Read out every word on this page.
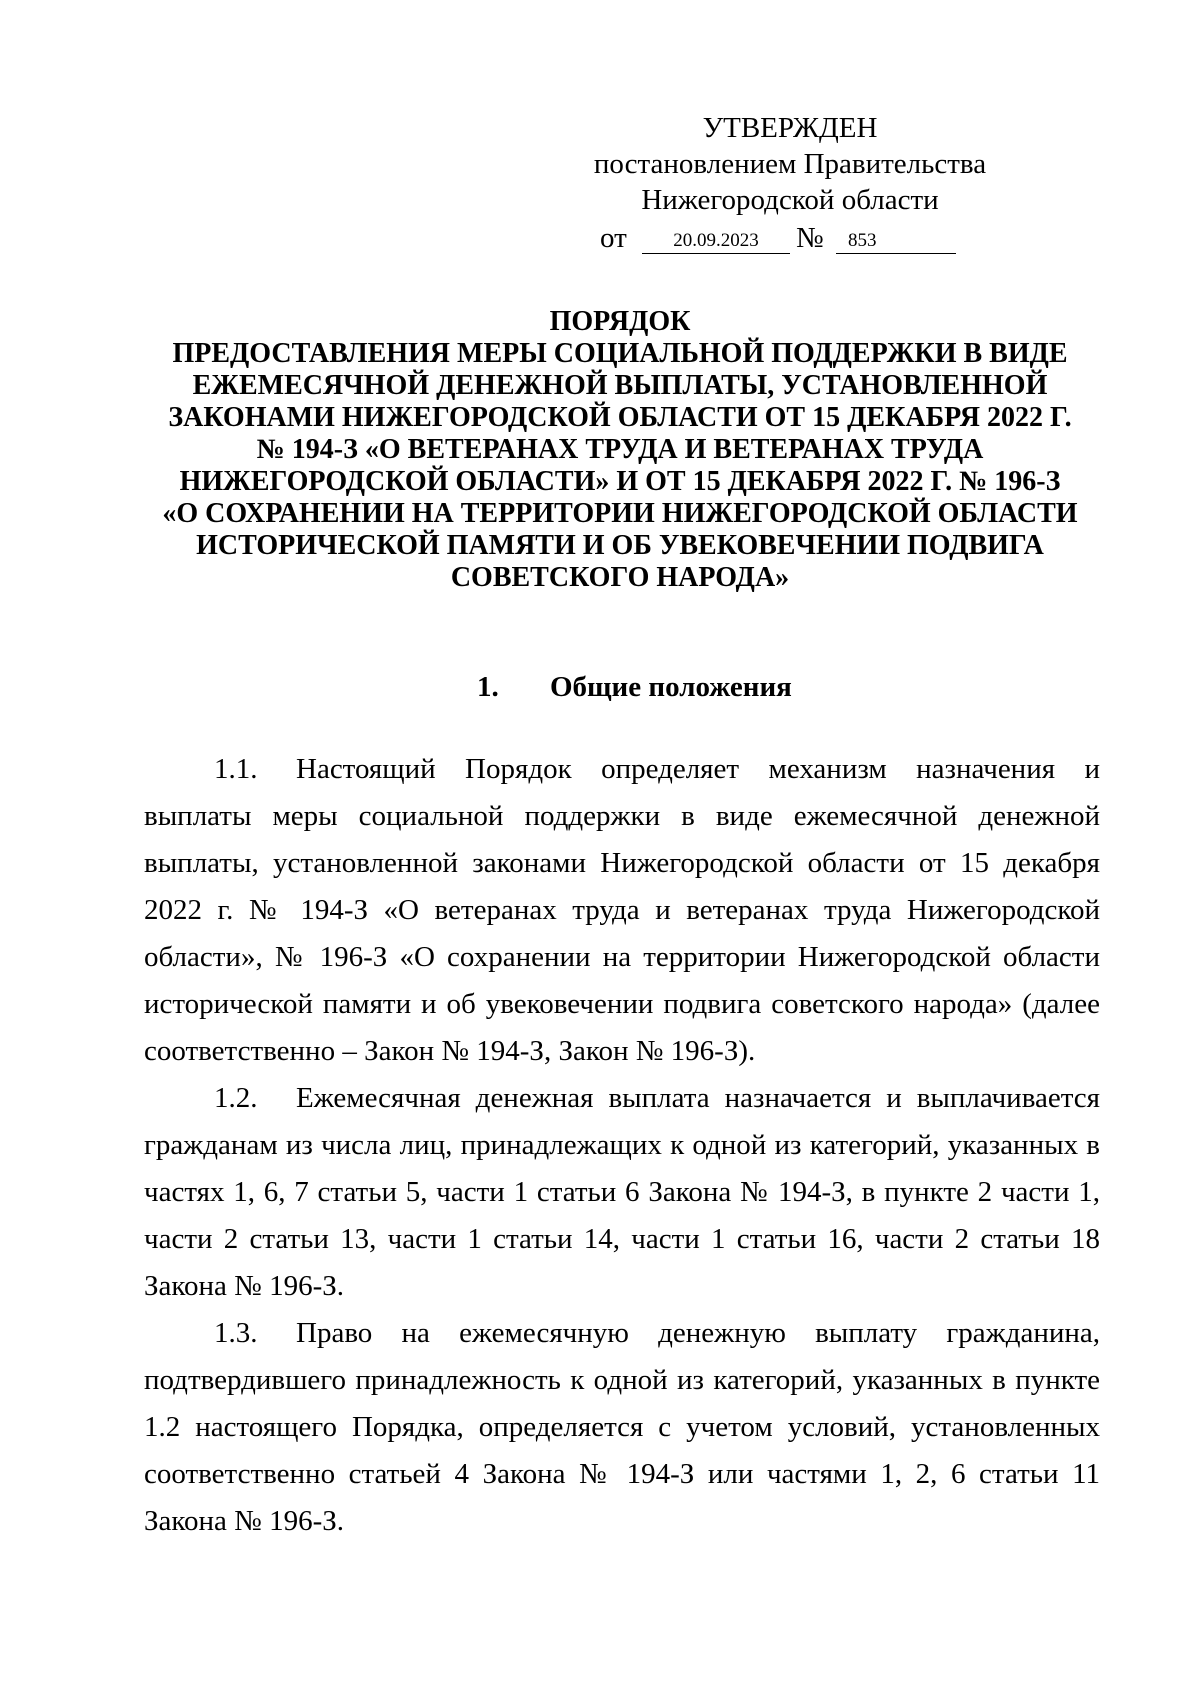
УТВЕРЖДЕН
постановлением Правительства
Нижегородской области
от	20.09.2023	№	853
ПОРЯДОК
ПРЕДОСТАВЛЕНИЯ МЕРЫ СОЦИАЛЬНОЙ ПОДДЕРЖКИ В ВИДЕ
ЕЖЕМЕСЯЧНОЙ ДЕНЕЖНОЙ ВЫПЛАТЫ, УСТАНОВЛЕННОЙ
ЗАКОНАМИ НИЖЕГОРОДСКОЙ ОБЛАСТИ ОТ 15 ДЕКАБРЯ 2022 Г.
№ 194-З «О ВЕТЕРАНАХ ТРУДА И ВЕТЕРАНАХ ТРУДА
НИЖЕГОРОДСКОЙ ОБЛАСТИ» И ОТ 15 ДЕКАБРЯ 2022 Г. № 196-З
«О СОХРАНЕНИИ НА ТЕРРИТОРИИ НИЖЕГОРОДСКОЙ ОБЛАСТИ
ИСТОРИЧЕСКОЙ ПАМЯТИ И ОБ УВЕКОВЕЧЕНИИ ПОДВИГА
СОВЕТСКОГО НАРОДА»
1. Общие положения

1.1. Настоящий Порядок определяет механизм назначения и выплаты меры социальной поддержки в виде ежемесячной денежной выплаты, установленной законами Нижегородской области от 15 декабря 2022 г. № 194-З «О ветеранах труда и ветеранах труда Нижегородской области», № 196-З «О сохранении на территории Нижегородской области исторической памяти и об увековечении подвига советского народа» (далее соответственно – Закон № 194-З, Закон № 196-З).

1.2. Ежемесячная денежная выплата назначается и выплачивается гражданам из числа лиц, принадлежащих к одной из категорий, указанных в частях 1, 6, 7 статьи 5, части 1 статьи 6 Закона № 194-З, в пункте 2 части 1, части 2 статьи 13, части 1 статьи 14, части 1 статьи 16, части 2 статьи 18 Закона № 196-З.

1.3. Право на ежемесячную денежную выплату гражданина, подтвердившего принадлежность к одной из категорий, указанных в пункте 1.2 настоящего Порядка, определяется с учетом условий, установленных соответственно статьей 4 Закона № 194-З или частями 1, 2, 6 статьи 11 Закона № 196-З.
